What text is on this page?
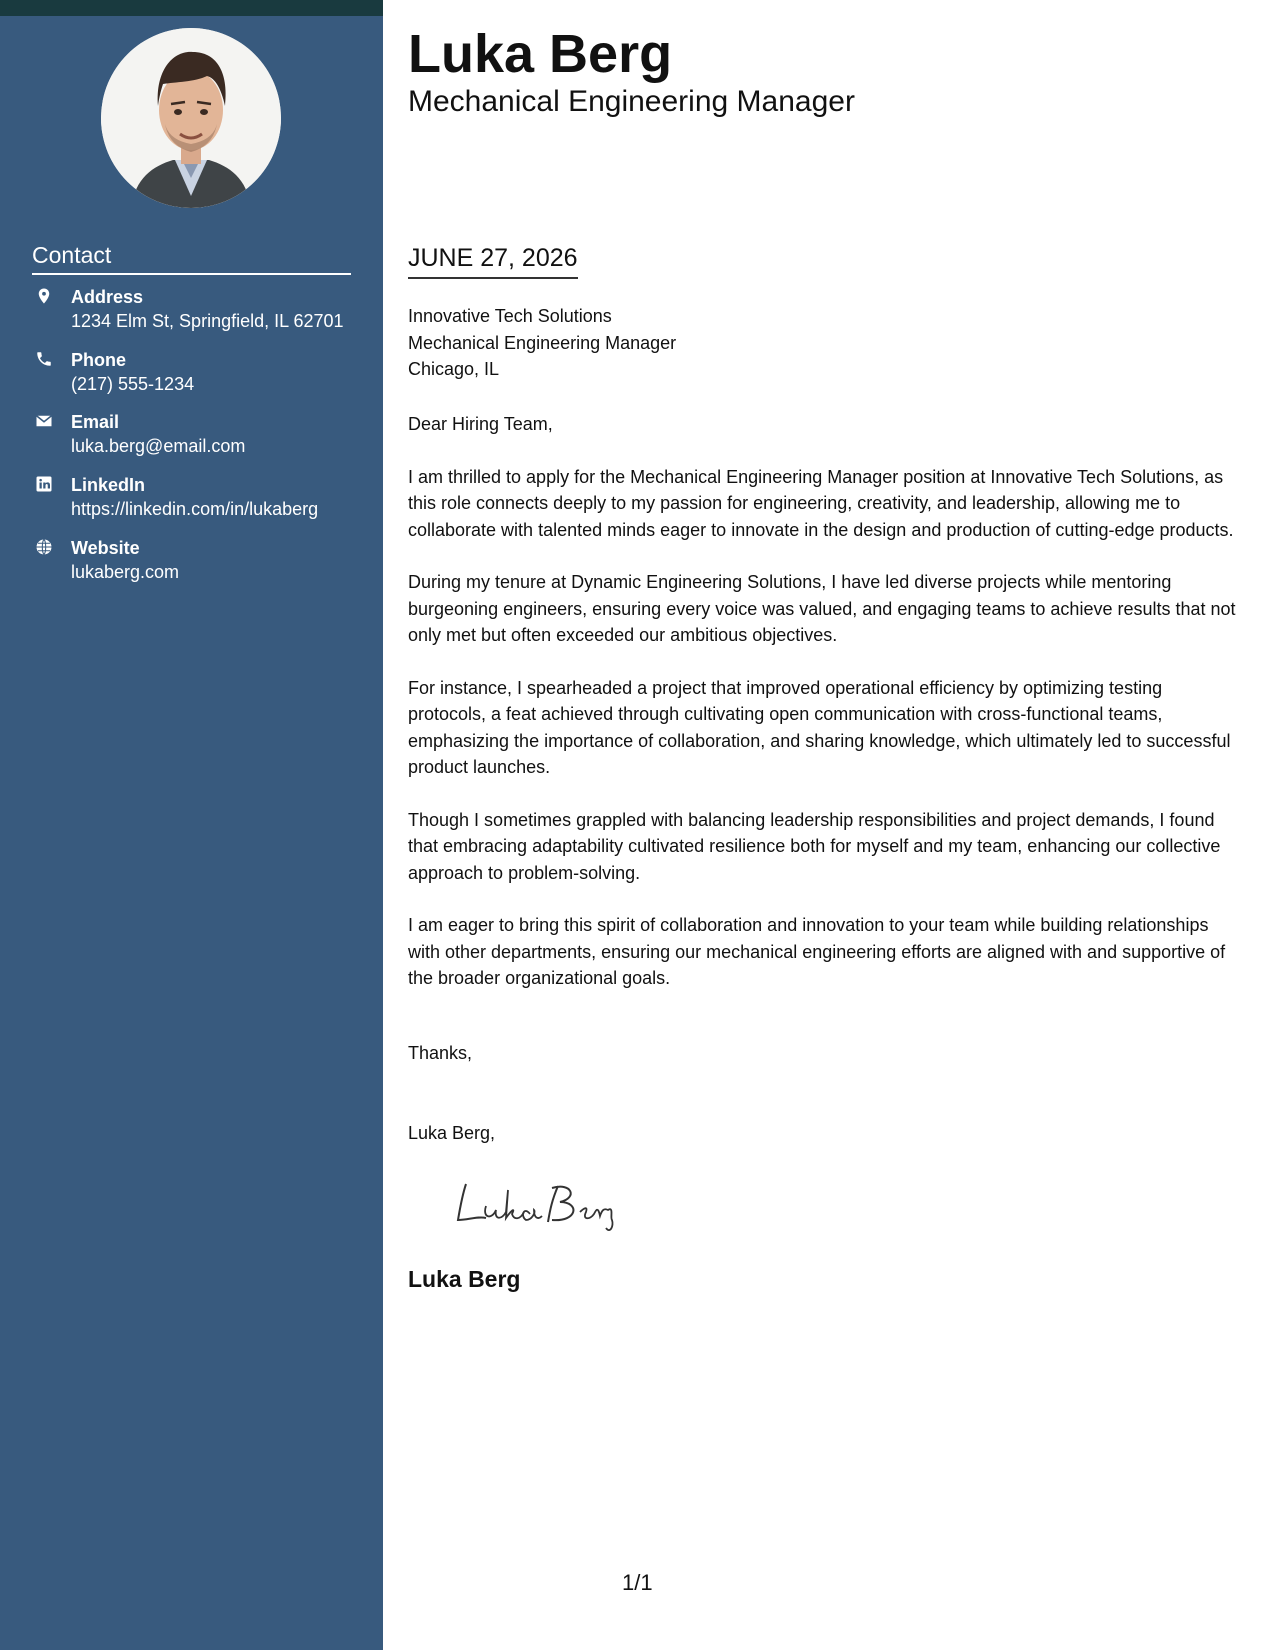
Contact
Address
1234 Elm St, Springfield, IL 62701
Phone
(217) 555-1234
Email
luka.berg@email.com
LinkedIn
https://linkedin.com/in/lukaberg
Website
lukaberg.com
Luka Berg
Mechanical Engineering Manager
JUNE 27, 2026
Innovative Tech Solutions
Mechanical Engineering Manager
Chicago, IL

Dear Hiring Team,

I am thrilled to apply for the Mechanical Engineering Manager position at Innovative Tech Solutions, as this role connects deeply to my passion for engineering, creativity, and leadership, allowing me to collaborate with talented minds eager to innovate in the design and production of cutting-edge products.

During my tenure at Dynamic Engineering Solutions, I have led diverse projects while mentoring burgeoning engineers, ensuring every voice was valued, and engaging teams to achieve results that not only met but often exceeded our ambitious objectives.

For instance, I spearheaded a project that improved operational efficiency by optimizing testing protocols, a feat achieved through cultivating open communication with cross-functional teams, emphasizing the importance of collaboration, and sharing knowledge, which ultimately led to successful product launches.

Though I sometimes grappled with balancing leadership responsibilities and project demands, I found that embracing adaptability cultivated resilience both for myself and my team, enhancing our collective approach to problem-solving.

I am eager to bring this spirit of collaboration and innovation to your team while building relationships with other departments, ensuring our mechanical engineering efforts are aligned with and supportive of the broader organizational goals.

Thanks,
Luka Berg,
Luka Berg
1/1
